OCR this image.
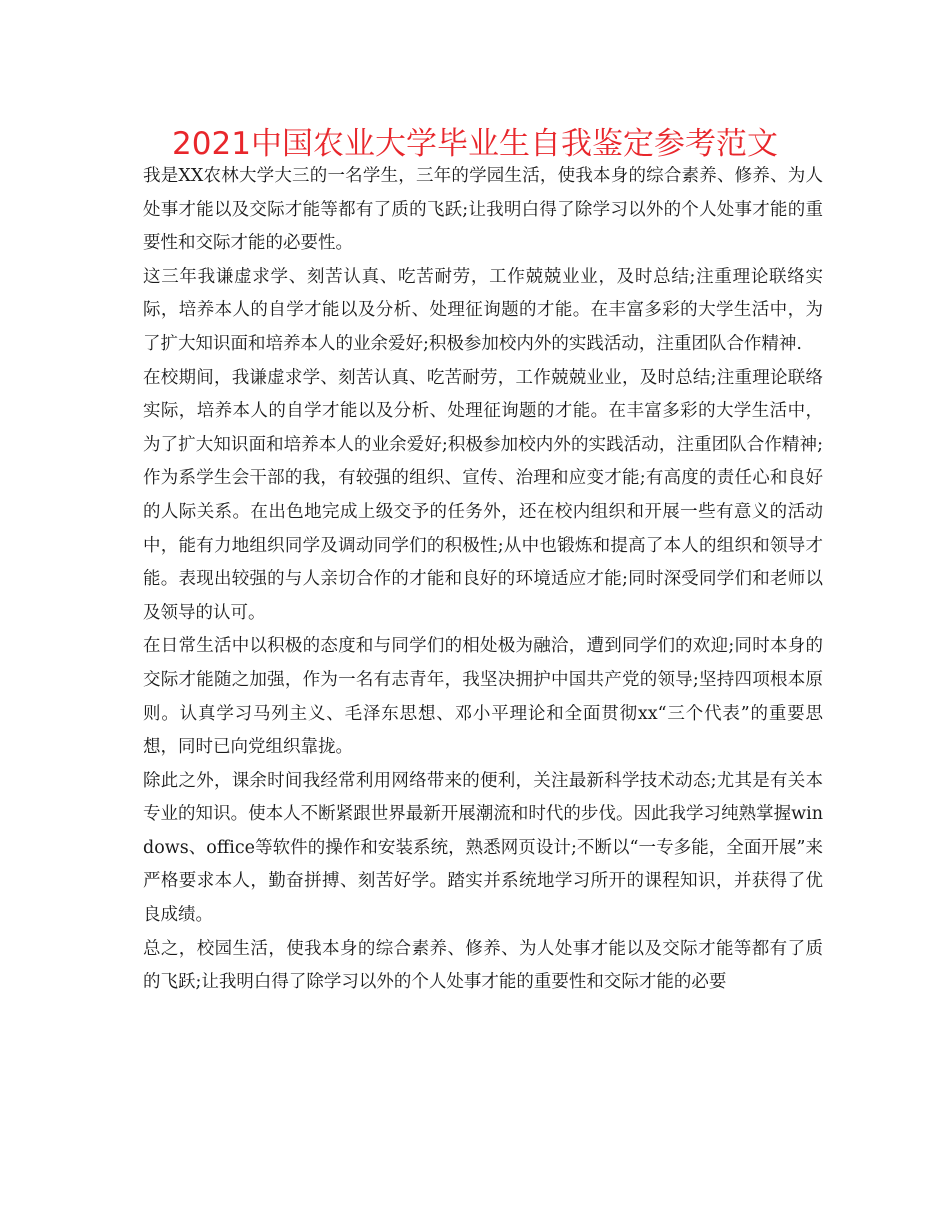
2021中国农业大学毕业生自我鉴定参考范文

我是XX农林大学大三的一名学生，三年的学园生活，使我本身的综合素养、修养、为人处事才能以及交际才能等都有了质的飞跃;让我明白得了除学习以外的个人处事才能的重要性和交际才能的必要性。

这三年我谦虚求学、刻苦认真、吃苦耐劳，工作兢兢业业，及时总结;注重理论联络实际，培养本人的自学才能以及分析、处理征询题的才能。在丰富多彩的大学生活中，为了扩大知识面和培养本人的业余爱好;积极参加校内外的实践活动，注重团队合作精神.

在校期间，我谦虚求学、刻苦认真、吃苦耐劳，工作兢兢业业，及时总结;注重理论联络实际，培养本人的自学才能以及分析、处理征询题的才能。在丰富多彩的大学生活中，为了扩大知识面和培养本人的业余爱好;积极参加校内外的实践活动，注重团队合作精神;作为系学生会干部的我，有较强的组织、宣传、治理和应变才能;有高度的责任心和良好的人际关系。在出色地完成上级交予的任务外，还在校内组织和开展一些有意义的活动中，能有力地组织同学及调动同学们的积极性;从中也锻炼和提高了本人的组织和领导才能。表现出较强的与人亲切合作的才能和良好的环境适应才能;同时深受同学们和老师以及领导的认可。

在日常生活中以积极的态度和与同学们的相处极为融洽，遭到同学们的欢迎;同时本身的交际才能随之加强，作为一名有志青年，我坚决拥护中国共产党的领导;坚持四项根本原则。认真学习马列主义、毛泽东思想、邓小平理论和全面贯彻xx“三个代表”的重要思想，同时已向党组织靠拢。

除此之外，课余时间我经常利用网络带来的便利，关注最新科学技术动态;尤其是有关本专业的知识。使本人不断紧跟世界最新开展潮流和时代的步伐。因此我学习纯熟掌握windows、office等软件的操作和安装系统，熟悉网页设计;不断以“一专多能，全面开展”来严格要求本人，勤奋拼搏、刻苦好学。踏实并系统地学习所开的课程知识，并获得了优良成绩。

总之，校园生活，使我本身的综合素养、修养、为人处事才能以及交际才能等都有了质的飞跃;让我明白得了除学习以外的个人处事才能的重要性和交际才能的必要
